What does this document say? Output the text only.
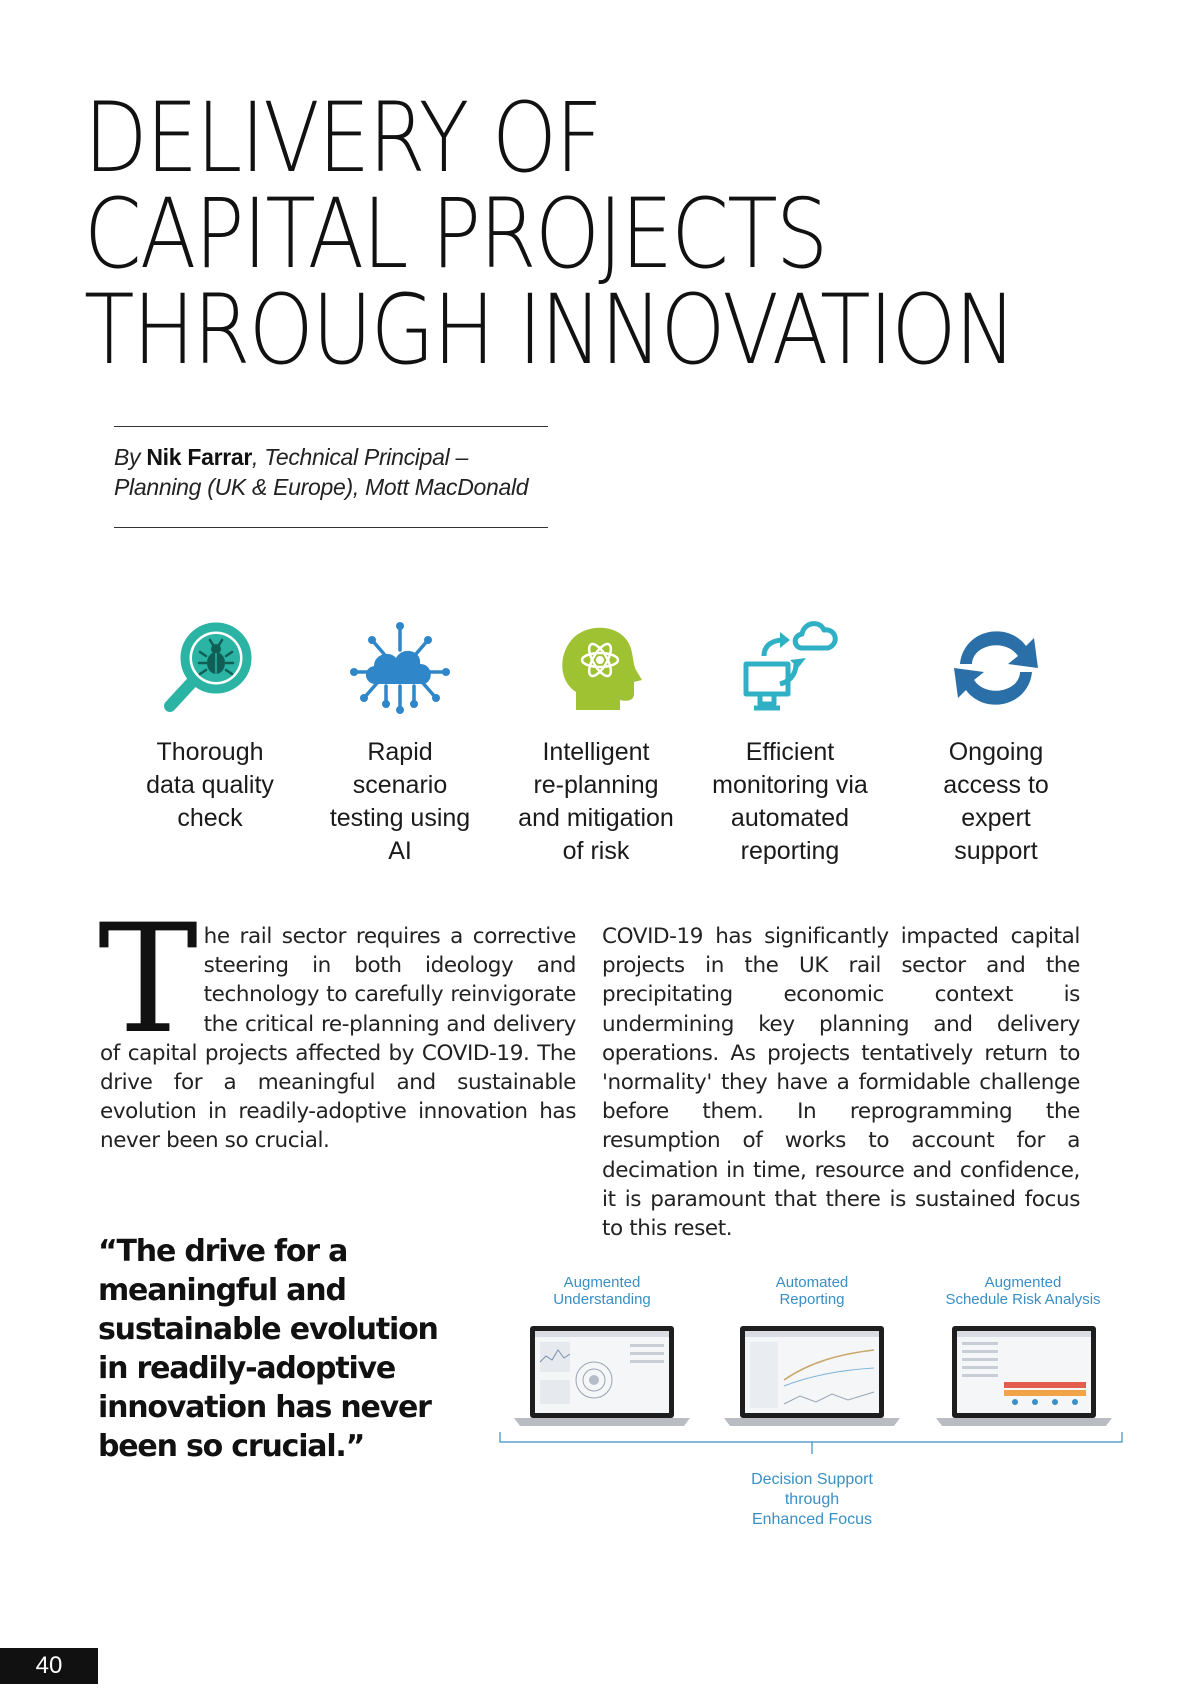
DELIVERY OF
CAPITAL PROJECTS
THROUGH INNOVATION
By Nik Farrar, Technical Principal –
Planning (UK & Europe), Mott MacDonald
Thorough
data quality
check
Rapid
scenario
testing using
AI
Intelligent
re-planning
and mitigation
of risk
Efficient
monitoring via
automated
reporting
Ongoing
access to
expert
support
The rail sector requires a corrective steering in both ideology and technology to carefully reinvigorate the critical re-planning and delivery of capital projects affected by COVID-19. The drive for a meaningful and sustainable evolution in readily-adoptive innovation has never been so crucial.
COVID-19 has significantly impacted capital projects in the UK rail sector and the precipitating economic context is undermining key planning and delivery operations. As projects tentatively return to 'normality' they have a formidable challenge before them. In reprogramming the resumption of works to account for a decimation in time, resource and confidence, it is paramount that there is sustained focus to this reset.
“The drive for a meaningful and sustainable evolution in readily-adoptive innovation has never been so crucial.”
Augmented
Understanding
Automated
Reporting
Augmented
Schedule Risk Analysis
Decision Support
through
Enhanced Focus
40
